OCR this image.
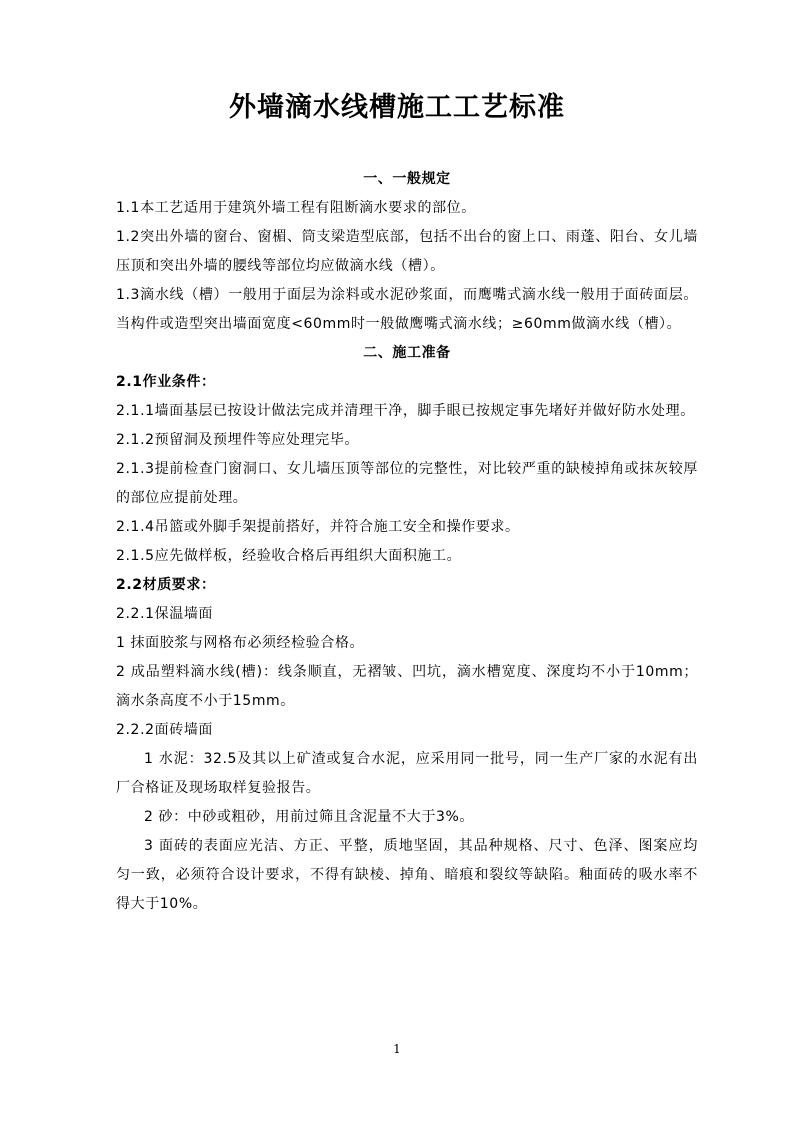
外墙滴水线槽施工工艺标准

一、一般规定

1.1本工艺适用于建筑外墙工程有阻断滴水要求的部位。

1.2突出外墙的窗台、窗楣、筒支梁造型底部，包括不出台的窗上口、雨蓬、阳台、女儿墙压顶和突出外墙的腰线等部位均应做滴水线（槽）。

1.3滴水线（槽）一般用于面层为涂料或水泥砂浆面，而鹰嘴式滴水线一般用于面砖面层。当构件或造型突出墙面宽度<60mm时一般做鹰嘴式滴水线；≥60mm做滴水线（槽）。

二、施工准备

2.1作业条件：

2.1.1墙面基层已按设计做法完成并清理干净，脚手眼已按规定事先堵好并做好防水处理。

2.1.2预留洞及预埋件等应处理完毕。

2.1.3提前检查门窗洞口、女儿墙压顶等部位的完整性，对比较严重的缺棱掉角或抹灰较厚的部位应提前处理。

2.1.4吊篮或外脚手架提前搭好，并符合施工安全和操作要求。

2.1.5应先做样板，经验收合格后再组织大面积施工。

2.2材质要求：

2.2.1保温墙面

1 抹面胶浆与网格布必须经检验合格。

2 成品塑料滴水线(槽)：线条顺直，无褶皱、凹坑，滴水槽宽度、深度均不小于10mm；滴水条高度不小于15mm。

2.2.2面砖墙面

1 水泥：32.5及其以上矿渣或复合水泥，应采用同一批号，同一生产厂家的水泥有出厂合格证及现场取样复验报告。

2 砂：中砂或粗砂，用前过筛且含泥量不大于3%。

3 面砖的表面应光洁、方正、平整，质地坚固，其品种规格、尺寸、色泽、图案应均匀一致，必须符合设计要求，不得有缺棱、掉角、暗痕和裂纹等缺陷。釉面砖的吸水率不得大于10%。

1
